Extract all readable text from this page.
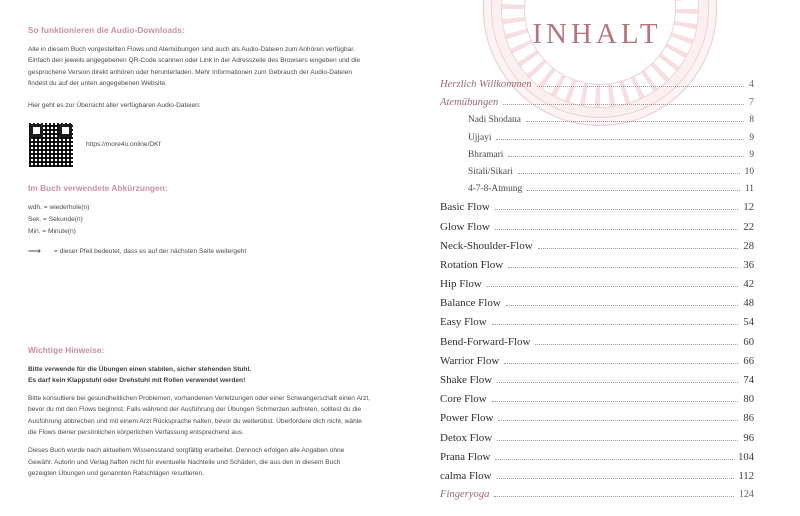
So funktionieren die Audio-Downloads:

Alle in diesem Buch vorgestellten Flows und Atemübungen sind auch als Audio-Dateien zum Anhören verfügbar. Einfach den jeweils angegebenen QR-Code scannen oder Link in der Adresszeile des Browsers eingeben und die gesprochene Version direkt anhören oder herunterladen. Mehr Informationen zum Gebrauch der Audio-Dateien findest du auf der unten angegebenen Website.

Hier geht es zur Übersicht aller verfügbaren Audio-Dateien:

https://more4u.online/DKf
Im Buch verwendete Abkürzungen:
wdh. = wiederhole(n)
Sek. = Sekunde(n)
Min. = Minute(n)
⟶	= dieser Pfeil bedeutet, dass es auf der nächsten Seite weitergeht
Wichtige Hinweise:

Bitte verwende für die Übungen einen stabilen, sicher stehenden Stuhl.
Es darf kein Klappstuhl oder Drehstuhl mit Rollen verwendet werden!

Bitte konsultiere bei gesundheitlichen Problemen, vorhandenen Verletzungen oder einer Schwangerschaft einen Arzt, bevor du mit den Flows beginnst. Falls während der Ausführung der Übungen Schmerzen auftreten, solltest du die Ausführung abbrechen und mit einem Arzt Rücksprache halten, bevor du weiterübst. Überfordere dich nicht, wähle die Flows deiner persönlichen körperlichen Verfassung entsprechend aus.

Dieses Buch wurde nach aktuellem Wissensstand sorgfältig erarbeitet. Dennoch erfolgen alle Angaben ohne Gewähr. Autorin und Verlag haften nicht für eventuelle Nachteile und Schäden, die aus den in diesem Buch gezeigten Übungen und genannten Ratschlägen resultieren.

INHALT
Herzlich Willkommen	4
Atemübungen	7
Nadi Shodana	8
Ujjayi	9
Bhramari	9
Sitali/Sikari	10
4-7-8-Atmung	11
Basic Flow	12
Glow Flow	22
Neck-Shoulder-Flow	28
Rotation Flow	36
Hip Flow	42
Balance Flow	48
Easy Flow	54
Bend-Forward-Flow	60
Warrior Flow	66
Shake Flow	74
Core Flow	80
Power Flow	86
Detox Flow	96
Prana Flow	104
calma Flow	112
Fingeryoga	124
